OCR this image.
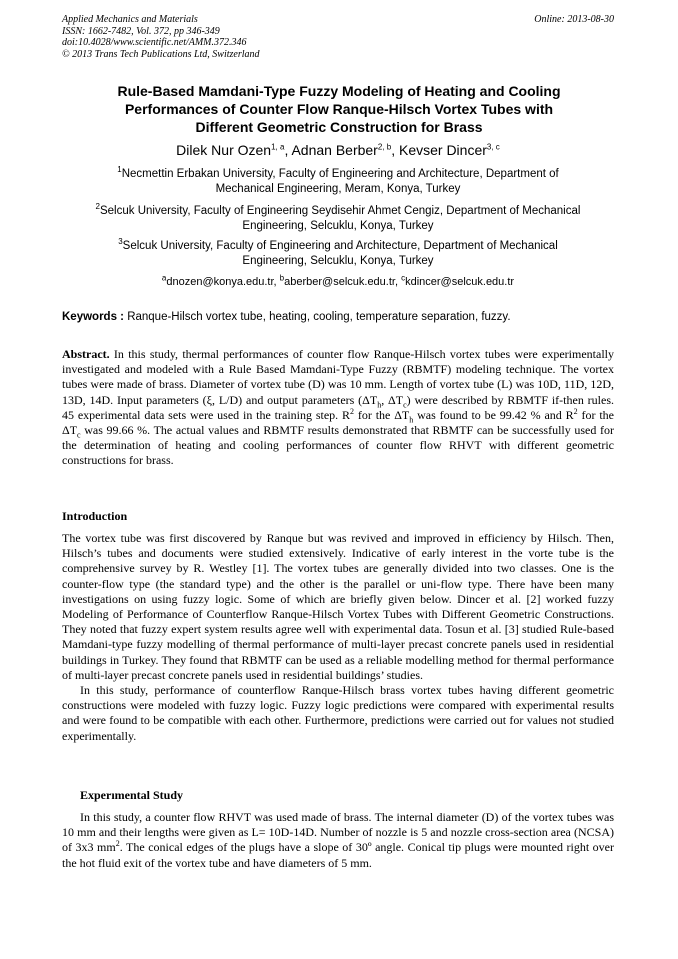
Applied Mechanics and Materials
ISSN: 1662-7482, Vol. 372, pp 346-349
doi:10.4028/www.scientific.net/AMM.372.346
© 2013 Trans Tech Publications Ltd, Switzerland
Online: 2013-08-30
Rule-Based Mamdani-Type Fuzzy Modeling of Heating and Cooling
Performances of Counter Flow Ranque-Hilsch Vortex Tubes with
Different Geometric Construction for Brass
Dilek Nur Ozen$^{1, a}$, Adnan Berber$^{2, b}$, Kevser Dincer$^{3, c}$
$^1$Necmettin Erbakan University, Faculty of Engineering and Architecture, Department of
Mechanical Engineering, Meram, Konya, Turkey
$^2$Selcuk University, Faculty of Engineering Seydisehir Ahmet Cengiz, Department of Mechanical
Engineering, Selcuklu, Konya, Turkey
$^3$Selcuk University, Faculty of Engineering and Architecture, Department of Mechanical
Engineering, Selcuklu, Konya, Turkey
$^a$dnozen@konya.edu.tr, $^b$aberber@selcuk.edu.tr, $^c$kdincer@selcuk.edu.tr
Keywords : Ranque-Hilsch vortex tube, heating, cooling, temperature separation, fuzzy.

Abstract. In this study, thermal performances of counter flow Ranque-Hilsch vortex tubes were experimentally investigated and modeled with a Rule Based Mamdani-Type Fuzzy (RBMTF) modeling technique. The vortex tubes were made of brass. Diameter of vortex tube (D) was 10 mm. Length of vortex tube (L) was 10D, 11D, 12D, 13D, 14D. Input parameters (ξ, L/D) and output parameters ($\Delta T_h$, $\Delta T_c$) were described by RBMTF if-then rules. 45 experimental data sets were used in the training step. $R^2$ for the $\Delta T_h$ was found to be 99.42 % and $R^2$ for the $\Delta T_c$ was 99.66 %. The actual values and RBMTF results demonstrated that RBMTF can be successfully used for the determination of heating and cooling performances of counter flow RHVT with different geometric constructions for brass.

Introduction

The vortex tube was first discovered by Ranque but was revived and improved in efficiency by Hilsch. Then, Hilsch’s tubes and documents were studied extensively. Indicative of early interest in the vorte tube is the comprehensive survey by R. Westley [1]. The vortex tubes are generally divided into two classes. One is the counter-flow type (the standard type) and the other is the parallel or uni-flow type. There have been many investigations on using fuzzy logic. Some of which are briefly given below. Dincer et al. [2] worked fuzzy Modeling of Performance of Counterflow Ranque-Hilsch Vortex Tubes with Different Geometric Constructions. They noted that fuzzy expert system results agree well with experimental data. Tosun et al. [3] studied Rule-based Mamdani-type fuzzy modelling of thermal performance of multi-layer precast concrete panels used in residential buildings in Turkey. They found that RBMTF can be used as a reliable modelling method for thermal performance of multi-layer precast concrete panels used in residential buildings’ studies.

In this study, performance of counterflow Ranque-Hilsch brass vortex tubes having different geometric constructions were modeled with fuzzy logic. Fuzzy logic predictions were compared with experimental results and were found to be compatible with each other. Furthermore, predictions were carried out for values not studied experimentally.

Experımental Study

In this study, a counter flow RHVT was used made of brass. The internal diameter (D) of the vortex tubes was 10 mm and their lengths were given as L= 10D-14D. Number of nozzle is 5 and nozzle cross-section area (NCSA) of 3x3 $mm^2$. The conical edges of the plugs have a slope of 30º angle. Conical tip plugs were mounted right over the hot fluid exit of the vortex tube and have diameters of 5 mm.
